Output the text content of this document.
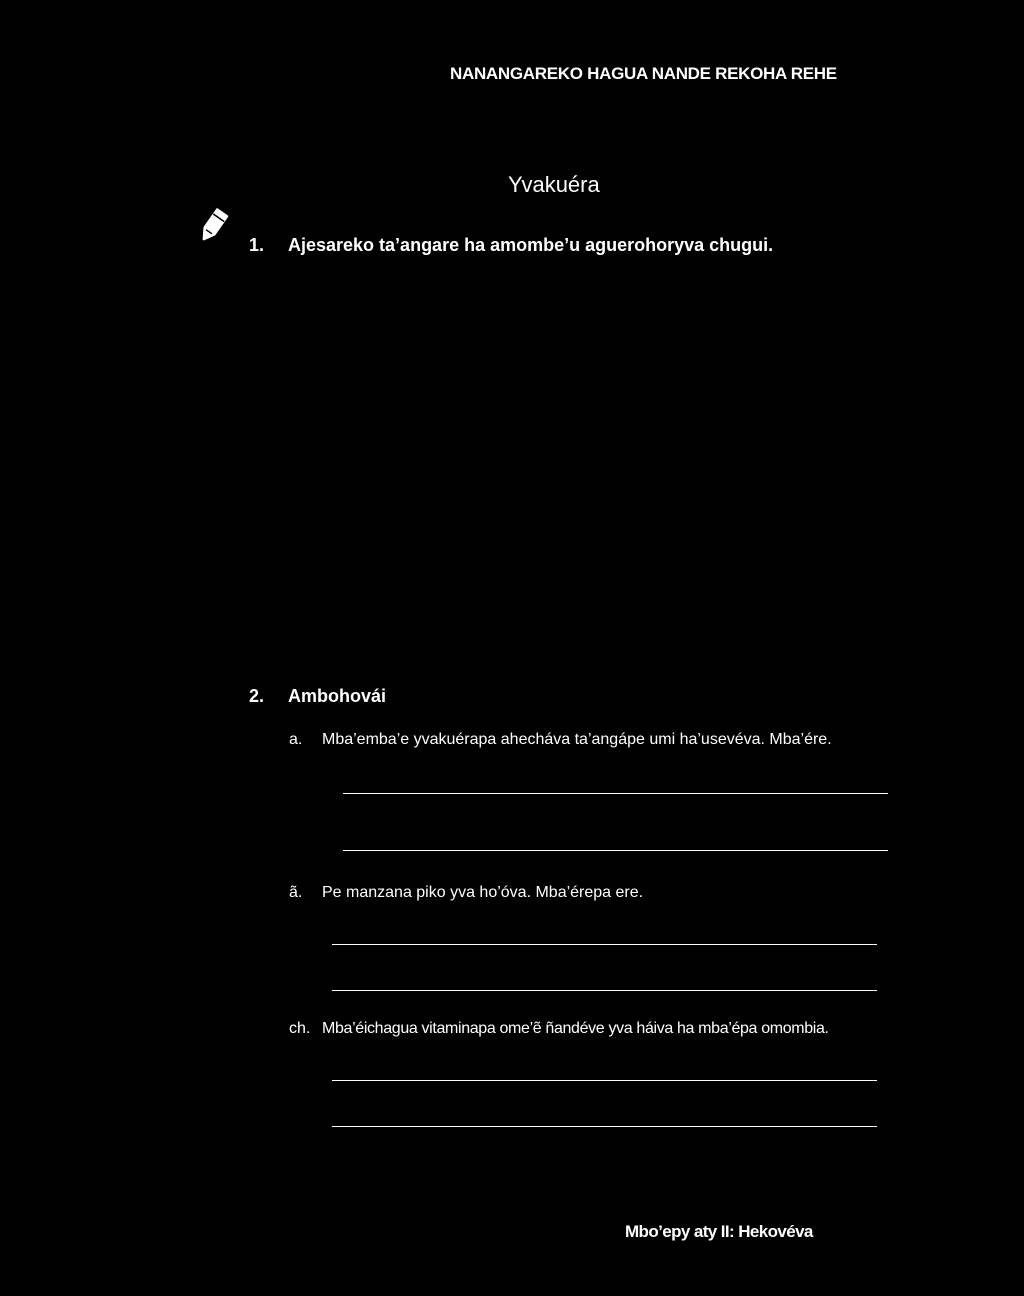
NANANGAREKO HAGUA NANDE REKOHA REHE

Yvakuéra

1. Ajesareko ta’angare ha amombe’u aguerohoryva chugui.

2. Ambohovái

a. Mba’emba’e yvakuérapa ahecháva ta’angápe umi ha’usevéva. Mba’ére.

ã. Pe manzana piko yva ho’óva. Mba’érepa ere.

ch. Mba’éichagua vitaminapa ome’ẽ ñandéve yva háiva ha mba’épa omombia.

Mbo’epy aty II: Hekovéva
